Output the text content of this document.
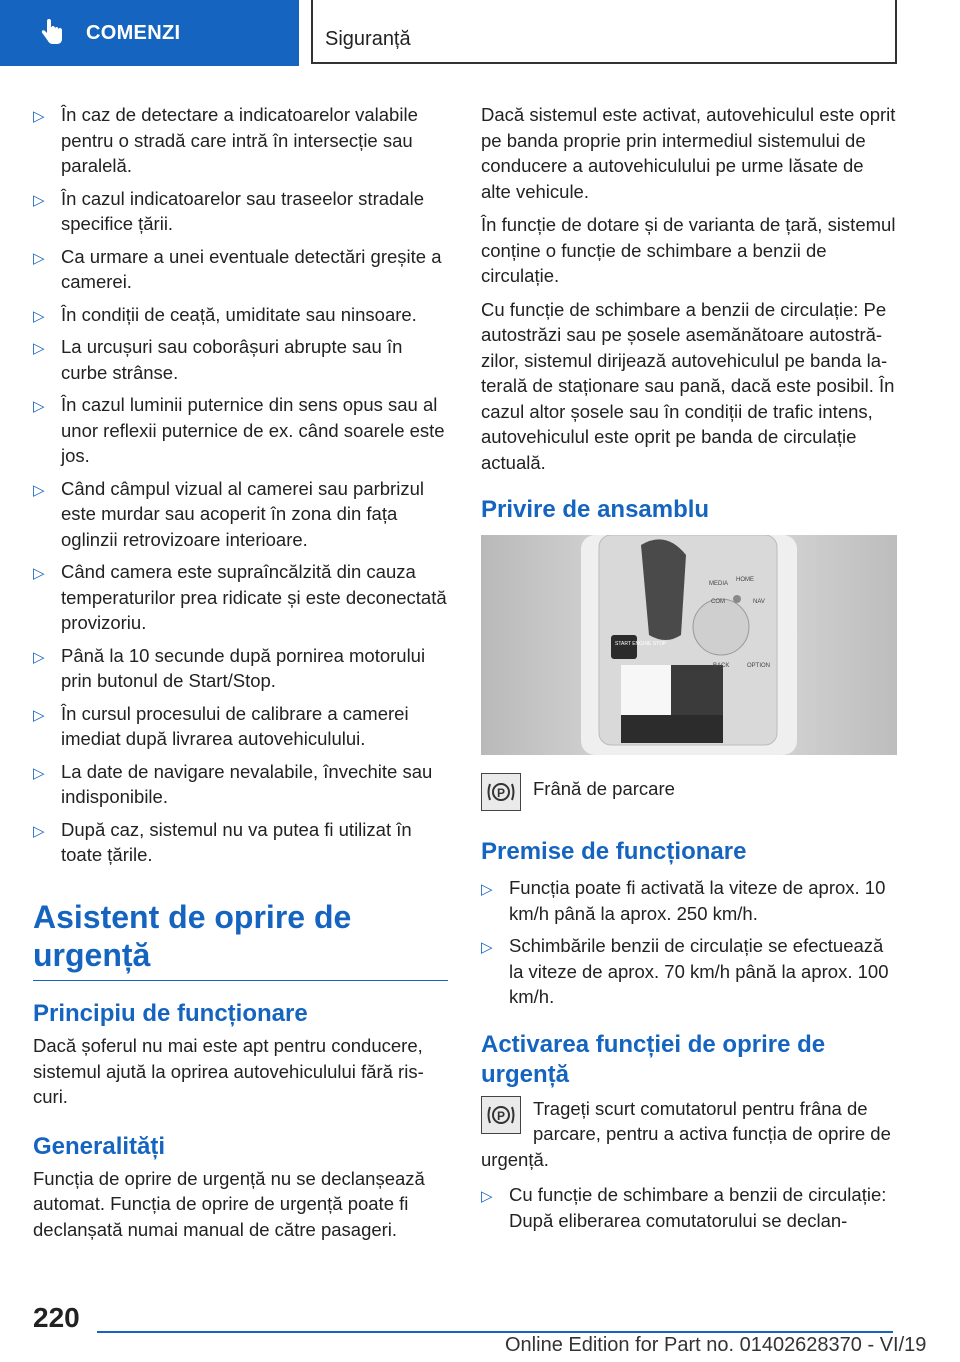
COMENZI	Siguranță
▷ În caz de detectare a indicatoarelor valabile pentru o stradă care intră în intersecție sau paralelă.
▷ În cazul indicatoarelor sau traseelor stradale specifice țării.
▷ Ca urmare a unei eventuale detectări greșite a camerei.
▷ În condiții de ceață, umiditate sau ninsoare.
▷ La urcușuri sau coborâșuri abrupte sau în curbe strânse.
▷ În cazul luminii puternice din sens opus sau al unor reflexii puternice de ex. când soarele este jos.
▷ Când câmpul vizual al camerei sau parbrizul este murdar sau acoperit în zona din fața oglinzii retrovizoare interioare.
▷ Când camera este supraîncălzită din cauza temperaturilor prea ridicate și este deconectată provizoriu.
▷ Până la 10 secunde după pornirea motorului prin butonul de Start/Stop.
▷ În cursul procesului de calibrare a camerei imediat după livrarea autovehiculului.
▷ La date de navigare nevalabile, învechite sau indisponibile.
▷ După caz, sistemul nu va putea fi utilizat în toate țările.
Asistent de oprire de urgență
Principiu de funcționare

Dacă șoferul nu mai este apt pentru conducere, sistemul ajută la oprirea autovehiculului fără riscuri.

Generalități

Funcția de oprire de urgență nu se declanșează automat. Funcția de oprire de urgență poate fi declanșată numai manual de către pasageri.

Dacă sistemul este activat, autovehiculul este oprit pe banda proprie prin intermediul sistemului de conducere a autovehiculului pe urme lăsate de alte vehicule.

În funcție de dotare și de varianta de țară, sistemul conține o funcție de schimbare a benzii de circulație.

Cu funcție de schimbare a benzii de circulație: Pe autostrăzi sau pe șosele asemănătoare autostrăzilor, sistemul dirijează autovehiculul pe banda laterală de staționare sau pană, dacă este posibil. În cazul altor șosele sau în condiții de trafic intens, autovehiculul este oprit pe banda de circulație actuală.

Privire de ansamblu
START ENGINE STOP
MEDIA
HOME
COM	NAV
BACK	OPTION
P	Frână de parcare
Premise de funcționare
▷ Funcția poate fi activată la viteze de aprox. 10 km/h până la aprox. 250 km/h.
▷ Schimbările benzii de circulație se efectuează la viteze de aprox. 70 km/h până la aprox. 100 km/h.
Activarea funcției de oprire de urgență
P Trageți scurt comutatorul pentru frâna de parcare, pentru a activa funcția de oprire de urgență.
▷ Cu funcție de schimbare a benzii de circulație: După eliberarea comutatorului se declan-
220
Online Edition for Part no. 01402628370 - VI/19
